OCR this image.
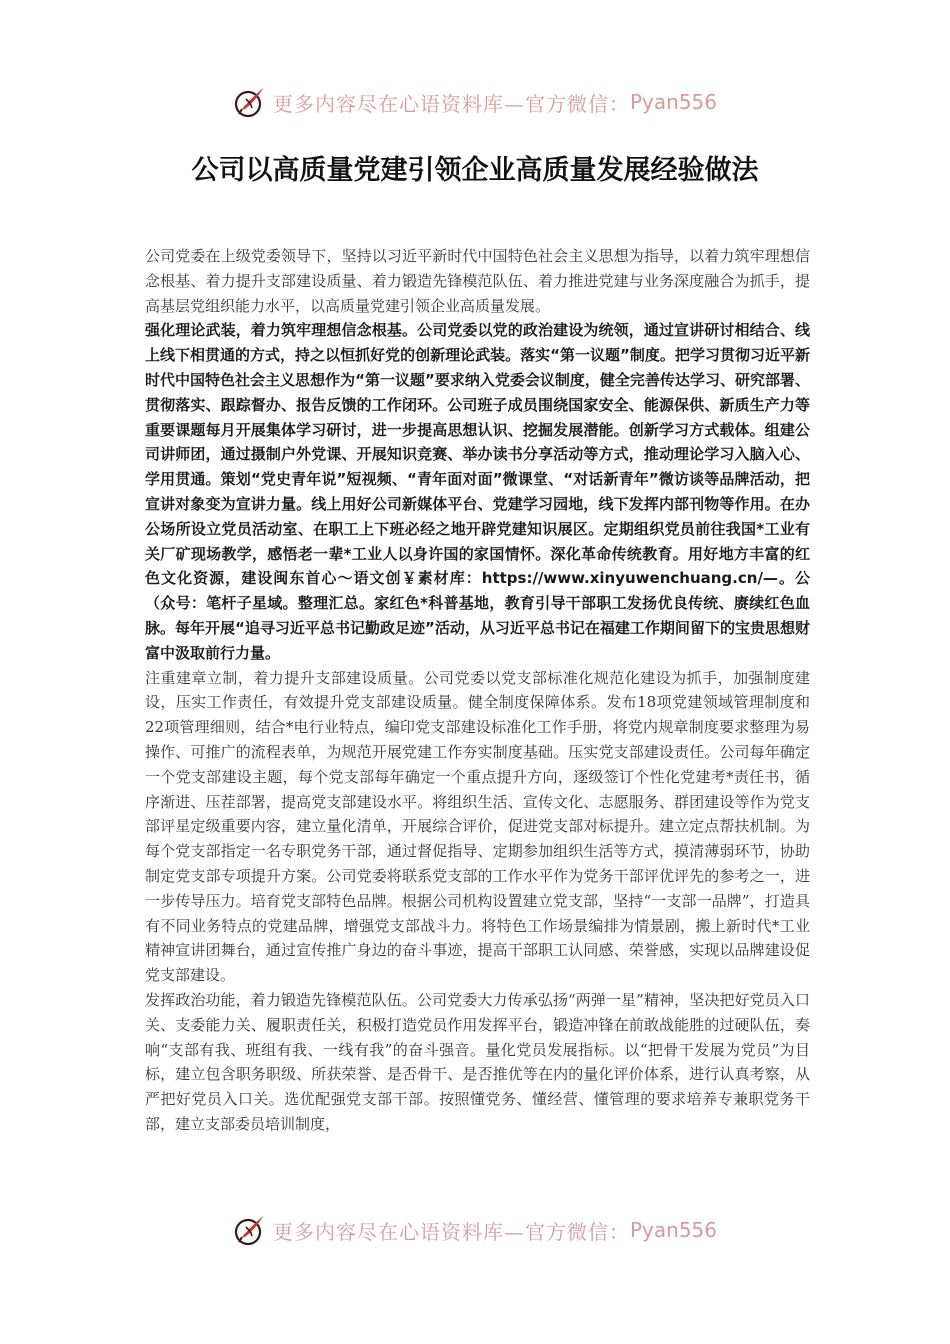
更多内容尽在心语资料库—官方微信： Pyan556
公司以高质量党建引领企业高质量发展经验做法

公司党委在上级党委领导下，坚持以习近平新时代中国特色社会主义思想为指导，以着力筑牢理想信念根基、着力提升支部建设质量、着力锻造先锋模范队伍、着力推进党建与业务深度融合为抓手，提高基层党组织能力水平，以高质量党建引领企业高质量发展。

强化理论武装，着力筑牢理想信念根基。公司党委以党的政治建设为统领，通过宣讲研讨相结合、线上线下相贯通的方式，持之以恒抓好党的创新理论武装。落实“第一议题”制度。把学习贯彻习近平新时代中国特色社会主义思想作为“第一议题”要求纳入党委会议制度，健全完善传达学习、研究部署、贯彻落实、跟踪督办、报告反馈的工作闭环。公司班子成员围绕国家安全、能源保供、新质生产力等重要课题每月开展集体学习研讨，进一步提高思想认识、挖掘发展潜能。创新学习方式载体。组建公司讲师团，通过摄制户外党课、开展知识竞赛、举办读书分享活动等方式，推动理论学习入脑入心、学用贯通。策划“党史青年说”短视频、“青年面对面”微课堂、“对话新青年”微访谈等品牌活动，把宣讲对象变为宣讲力量。线上用好公司新媒体平台、党建学习园地，线下发挥内部刊物等作用。在办公场所设立党员活动室、在职工上下班必经之地开辟党建知识展区。定期组织党员前往我国*工业有关厂矿现场教学，感悟老一辈*工业人以身许国的家国情怀。深化革命传统教育。用好地方丰富的红色文化资源，建设闽东首心～语文创￥素材库：https://www.xinyuwenchuang.cn/—。公（众号：笔杆子星域。整理汇总。家红色*科普基地，教育引导干部职工发扬优良传统、赓续红色血脉。每年开展“追寻习近平总书记勤政足迹”活动，从习近平总书记在福建工作期间留下的宝贵思想财富中汲取前行力量。

注重建章立制，着力提升支部建设质量。公司党委以党支部标准化规范化建设为抓手，加强制度建设，压实工作责任，有效提升党支部建设质量。健全制度保障体系。发布18项党建领域管理制度和22项管理细则，结合*电行业特点，编印党支部建设标准化工作手册，将党内规章制度要求整理为易操作、可推广的流程表单，为规范开展党建工作夯实制度基础。压实党支部建设责任。公司每年确定一个党支部建设主题，每个党支部每年确定一个重点提升方向，逐级签订个性化党建考*责任书，循序渐进、压茬部署，提高党支部建设水平。将组织生活、宣传文化、志愿服务、群团建设等作为党支部评星定级重要内容，建立量化清单，开展综合评价，促进党支部对标提升。建立定点帮扶机制。为每个党支部指定一名专职党务干部，通过督促指导、定期参加组织生活等方式，摸清薄弱环节，协助制定党支部专项提升方案。公司党委将联系党支部的工作水平作为党务干部评优评先的参考之一，进一步传导压力。培育党支部特色品牌。根据公司机构设置建立党支部，坚持“一支部一品牌”，打造具有不同业务特点的党建品牌，增强党支部战斗力。将特色工作场景编排为情景剧，搬上新时代*工业精神宣讲团舞台，通过宣传推广身边的奋斗事迹，提高干部职工认同感、荣誉感，实现以品牌建设促党支部建设。

发挥政治功能，着力锻造先锋模范队伍。公司党委大力传承弘扬“两弹一星”精神，坚决把好党员入口关、支委能力关、履职责任关，积极打造党员作用发挥平台，锻造冲锋在前敢战能胜的过硬队伍，奏响“支部有我、班组有我、一线有我”的奋斗强音。量化党员发展指标。以“把骨干发展为党员”为目标，建立包含职务职级、所获荣誉、是否骨干、是否推优等在内的量化评价体系，进行认真考察，从严把好党员入口关。选优配强党支部干部。按照懂党务、懂经营、懂管理的要求培养专兼职党务干部，建立支部委员培训制度，

更多内容尽在心语资料库—官方微信： Pyan556
